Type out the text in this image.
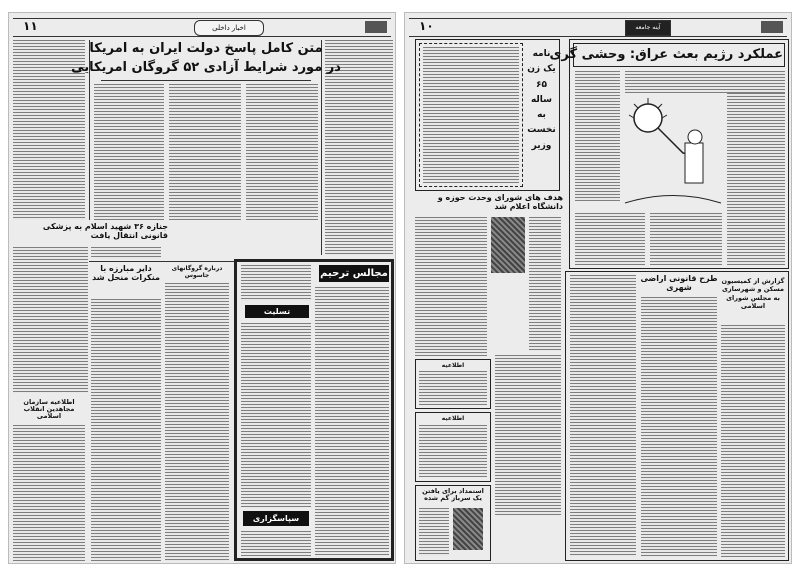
۱۱	اخبار داخلی
متن کامل پاسخ دولت ایران به امریکا
در مورد شرایط آزادی ۵۲ گروگان امریکایی
جنازه ۳۶ شهید اسلام به پزشکی قانونی انتقال یافت
دایر مبارزه با منکرات منحل شد
درباره گروگانهای جاسوس
اطلاعیه سازمان مجاهدین انقلاب اسلامی
مجالس ترحیم
تسلیت
سپاسگزاری
۱۰	آینه جامعه
نامه یک زن ۶۵ ساله به نخست وزیر
عملکرد رژیم بعث عراق: وحشی گری
هدف های شورای وحدت حوزه و دانشگاه اعلام شد
اطلاعیه
اطلاعیه
استمداد برای یافتن یک سرباز گم شده
طرح قانونی اراضی شهری
گزارش از کمیسیون مسکن و شهرسازی به مجلس شورای اسلامی
